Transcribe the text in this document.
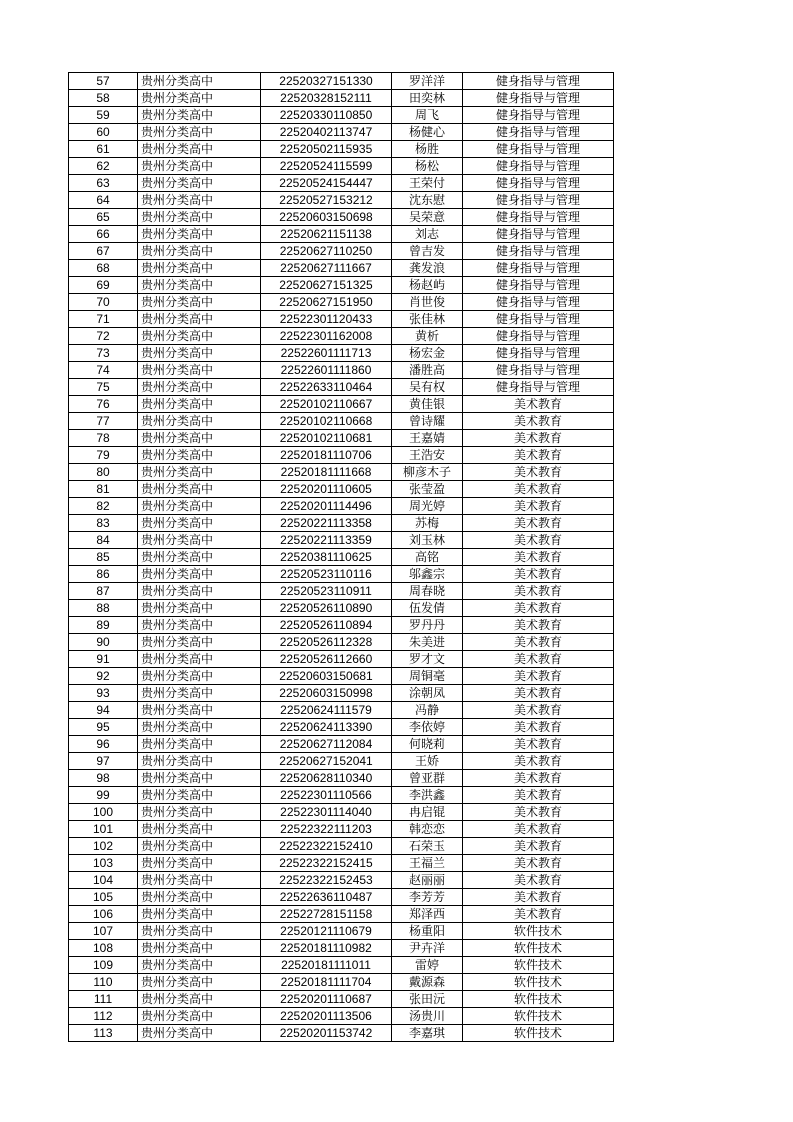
57	贵州分类高中	22520327151330	罗洋洋	健身指导与管理
58	贵州分类高中	22520328152111	田奕林	健身指导与管理
59	贵州分类高中	22520330110850	周飞	健身指导与管理
60	贵州分类高中	22520402113747	杨健心	健身指导与管理
61	贵州分类高中	22520502115935	杨胜	健身指导与管理
62	贵州分类高中	22520524115599	杨松	健身指导与管理
63	贵州分类高中	22520524154447	王荣付	健身指导与管理
64	贵州分类高中	22520527153212	沈东慰	健身指导与管理
65	贵州分类高中	22520603150698	吴荣意	健身指导与管理
66	贵州分类高中	22520621151138	刘志	健身指导与管理
67	贵州分类高中	22520627110250	曾吉发	健身指导与管理
68	贵州分类高中	22520627111667	龚发浪	健身指导与管理
69	贵州分类高中	22520627151325	杨赵屿	健身指导与管理
70	贵州分类高中	22520627151950	肖世俊	健身指导与管理
71	贵州分类高中	22522301120433	张佳林	健身指导与管理
72	贵州分类高中	22522301162008	黄析	健身指导与管理
73	贵州分类高中	22522601111713	杨宏金	健身指导与管理
74	贵州分类高中	22522601111860	潘胜高	健身指导与管理
75	贵州分类高中	22522633110464	吴有权	健身指导与管理
76	贵州分类高中	22520102110667	黄佳银	美术教育
77	贵州分类高中	22520102110668	曾诗耀	美术教育
78	贵州分类高中	22520102110681	王嘉婧	美术教育
79	贵州分类高中	22520181110706	王浩安	美术教育
80	贵州分类高中	22520181111668	柳彦木子	美术教育
81	贵州分类高中	22520201110605	张莹盈	美术教育
82	贵州分类高中	22520201114496	周光婷	美术教育
83	贵州分类高中	22520221113358	苏梅	美术教育
84	贵州分类高中	22520221113359	刘玉林	美术教育
85	贵州分类高中	22520381110625	高铭	美术教育
86	贵州分类高中	22520523110116	邬鑫宗	美术教育
87	贵州分类高中	22520523110911	周春晓	美术教育
88	贵州分类高中	22520526110890	伍发倩	美术教育
89	贵州分类高中	22520526110894	罗丹丹	美术教育
90	贵州分类高中	22520526112328	朱美进	美术教育
91	贵州分类高中	22520526112660	罗才文	美术教育
92	贵州分类高中	22520603150681	周铜毫	美术教育
93	贵州分类高中	22520603150998	涂朝凤	美术教育
94	贵州分类高中	22520624111579	冯静	美术教育
95	贵州分类高中	22520624113390	李依婷	美术教育
96	贵州分类高中	22520627112084	何晓莉	美术教育
97	贵州分类高中	22520627152041	王娇	美术教育
98	贵州分类高中	22520628110340	曾亚群	美术教育
99	贵州分类高中	22522301110566	李洪鑫	美术教育
100	贵州分类高中	22522301114040	冉启锟	美术教育
101	贵州分类高中	22522322111203	韩恋恋	美术教育
102	贵州分类高中	22522322152410	石荣玉	美术教育
103	贵州分类高中	22522322152415	王福兰	美术教育
104	贵州分类高中	22522322152453	赵丽丽	美术教育
105	贵州分类高中	22522636110487	李芳芳	美术教育
106	贵州分类高中	22522728151158	郑泽西	美术教育
107	贵州分类高中	22520121110679	杨重阳	软件技术
108	贵州分类高中	22520181110982	尹卉洋	软件技术
109	贵州分类高中	22520181111011	雷婷	软件技术
110	贵州分类高中	22520181111704	戴源森	软件技术
111	贵州分类高中	22520201110687	张田沅	软件技术
112	贵州分类高中	22520201113506	汤贵川	软件技术
113	贵州分类高中	22520201153742	李嘉琪	软件技术
